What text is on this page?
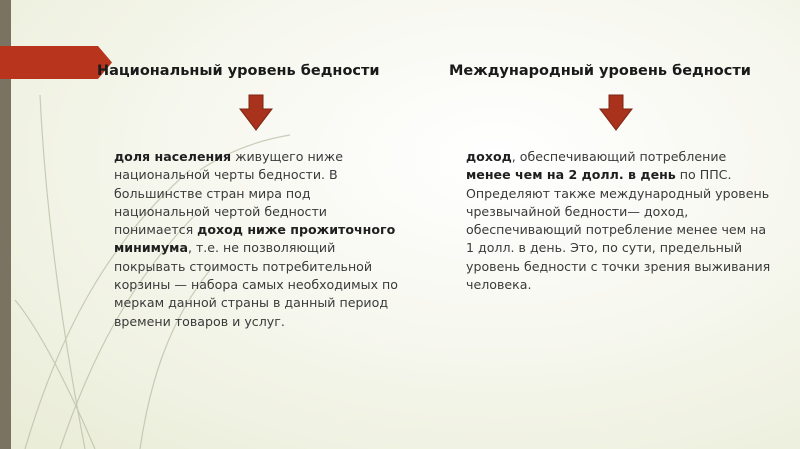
Национальный уровень бедности	Международный уровень бедности
доля населения живущего ниже национальной черты бедности. В большинстве стран мира под национальной чертой бедности понимается доход ниже прожиточного минимума, т.е. не позволяющий покрывать стоимость потребительной корзины — набора самых необходимых по меркам данной страны в данный период времени товаров и услуг.
доход, обеспечивающий потребление менее чем на 2 долл. в день по ППС. Определяют также международный уровень чрезвычайной бедности— доход, обеспечивающий потребление менее чем на 1 долл. в день. Это, по сути, предельный уровень бедности с точки зрения выживания человека.
